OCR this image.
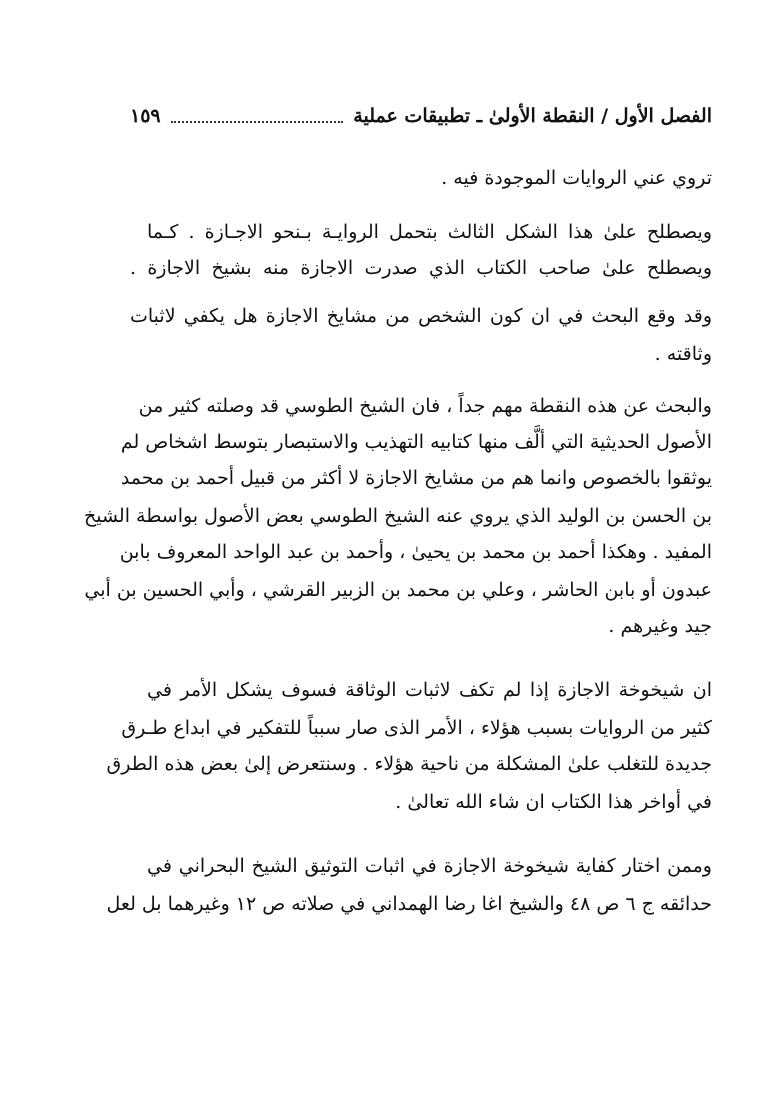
الفصل الأول / النقطة الأولىٰ ـ تطبيقات عملية
١٥٩
تروي عني الروايات الموجودة فيه .
ويصطلح علىٰ هذا الشكل الثالث بتحمل الروايـة بـنحو الاجـازة . كـما
ويصطلح علىٰ صاحب الكتاب الذي صدرت الاجازة منه بشيخ الاجازة .
وقد وقع البحث في ان كون الشخص من مشايخ الاجازة هل يكفي لاثبات
وثاقته .
والبحث عن هذه النقطة مهم جداً ، فان الشيخ الطوسي قد وصلته كثير من
الأصول الحديثية التي ألَّف منها كتابيه التهذيب والاستبصار بتوسط اشخاص لم
يوثقوا بالخصوص وانما هم من مشايخ الاجازة لا أكثر من قبيل أحمد بن محمد
بن الحسن بن الوليد الذي يروي عنه الشيخ الطوسي بعض الأصول بواسطة الشيخ
المفيد . وهكذا أحمد بن محمد بن يحيىٰ ، وأحمد بن عبد الواحد المعروف بابن
عبدون أو بابن الحاشر ، وعلي بن محمد بن الزبير القرشي ، وأبي الحسين بن أبي
جيد وغيرهم .
ان شيخوخة الاجازة إذا لم تكف لاثبات الوثاقة فسوف يشكل الأمر في
كثير من الروايات بسبب هؤلاء ، الأمر الذى صار سبباً للتفكير في ابداع طـرق
جديدة للتغلب علىٰ المشكلة من ناحية هؤلاء . وسنتعرض إلىٰ بعض هذه الطرق
في أواخر هذا الكتاب ان شاء الله تعالىٰ .
وممن اختار كفاية شيخوخة الاجازة في اثبات التوثيق الشيخ البحراني في
حدائقه ج ٦ ص ٤٨ والشيخ اغا رضا الهمداني في صلاته ص ١٢ وغيرهما بل لعل
